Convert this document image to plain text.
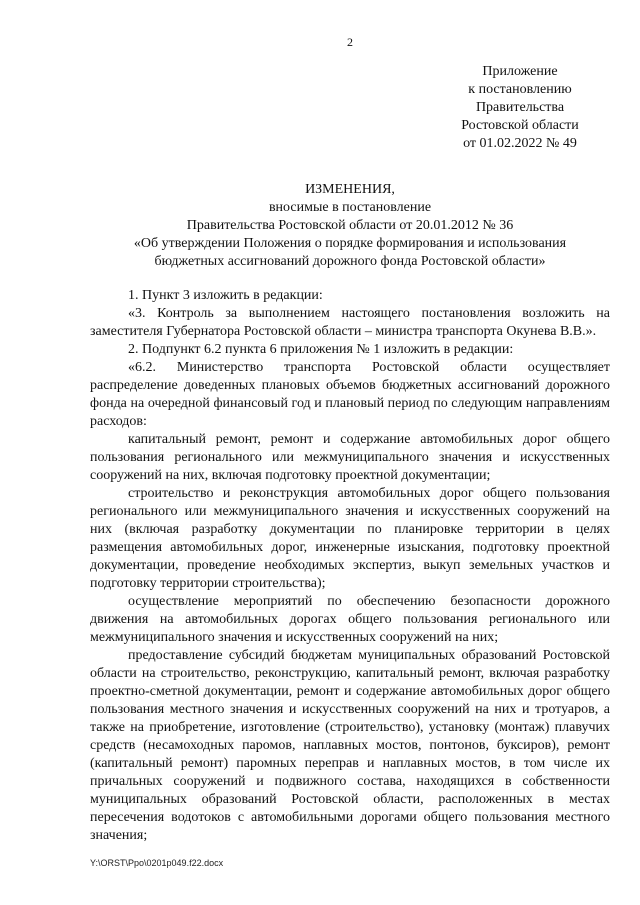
2
Приложение
к постановлению
Правительства
Ростовской области
от 01.02.2022 № 49
ИЗМЕНЕНИЯ,
вносимые в постановление
Правительства Ростовской области от 20.01.2012 № 36
«Об утверждении Положения о порядке формирования и использования
бюджетных ассигнований дорожного фонда Ростовской области»

1. Пункт 3 изложить в редакции:

«3. Контроль за выполнением настоящего постановления возложить на заместителя Губернатора Ростовской области – министра транспорта Окунева В.В.».

2. Подпункт 6.2 пункта 6 приложения № 1 изложить в редакции:

«6.2. Министерство транспорта Ростовской области осуществляет распределение доведенных плановых объемов бюджетных ассигнований дорожного фонда на очередной финансовый год и плановый период по следующим направлениям расходов:

капитальный ремонт, ремонт и содержание автомобильных дорог общего пользования регионального или межмуниципального значения и искусственных сооружений на них, включая подготовку проектной документации;

строительство и реконструкция автомобильных дорог общего пользования регионального или межмуниципального значения и искусственных сооружений на них (включая разработку документации по планировке территории в целях размещения автомобильных дорог, инженерные изыскания, подготовку проектной документации, проведение необходимых экспертиз, выкуп земельных участков и подготовку территории строительства);

осуществление мероприятий по обеспечению безопасности дорожного движения на автомобильных дорогах общего пользования регионального или межмуниципального значения и искусственных сооружений на них;

предоставление субсидий бюджетам муниципальных образований Ростовской области на строительство, реконструкцию, капитальный ремонт, включая разработку проектно-сметной документации, ремонт и содержание автомобильных дорог общего пользования местного значения и искусственных сооружений на них и тротуаров, а также на приобретение, изготовление (строительство), установку (монтаж) плавучих средств (несамоходных паромов, наплавных мостов, понтонов, буксиров), ремонт (капитальный ремонт) паромных переправ и наплавных мостов, в том числе их причальных сооружений и подвижного состава, находящихся в собственности муниципальных образований Ростовской области, расположенных в местах пересечения водотоков с автомобильными дорогами общего пользования местного значения;

Y:\ORST\Ppo\0201p049.f22.docx
